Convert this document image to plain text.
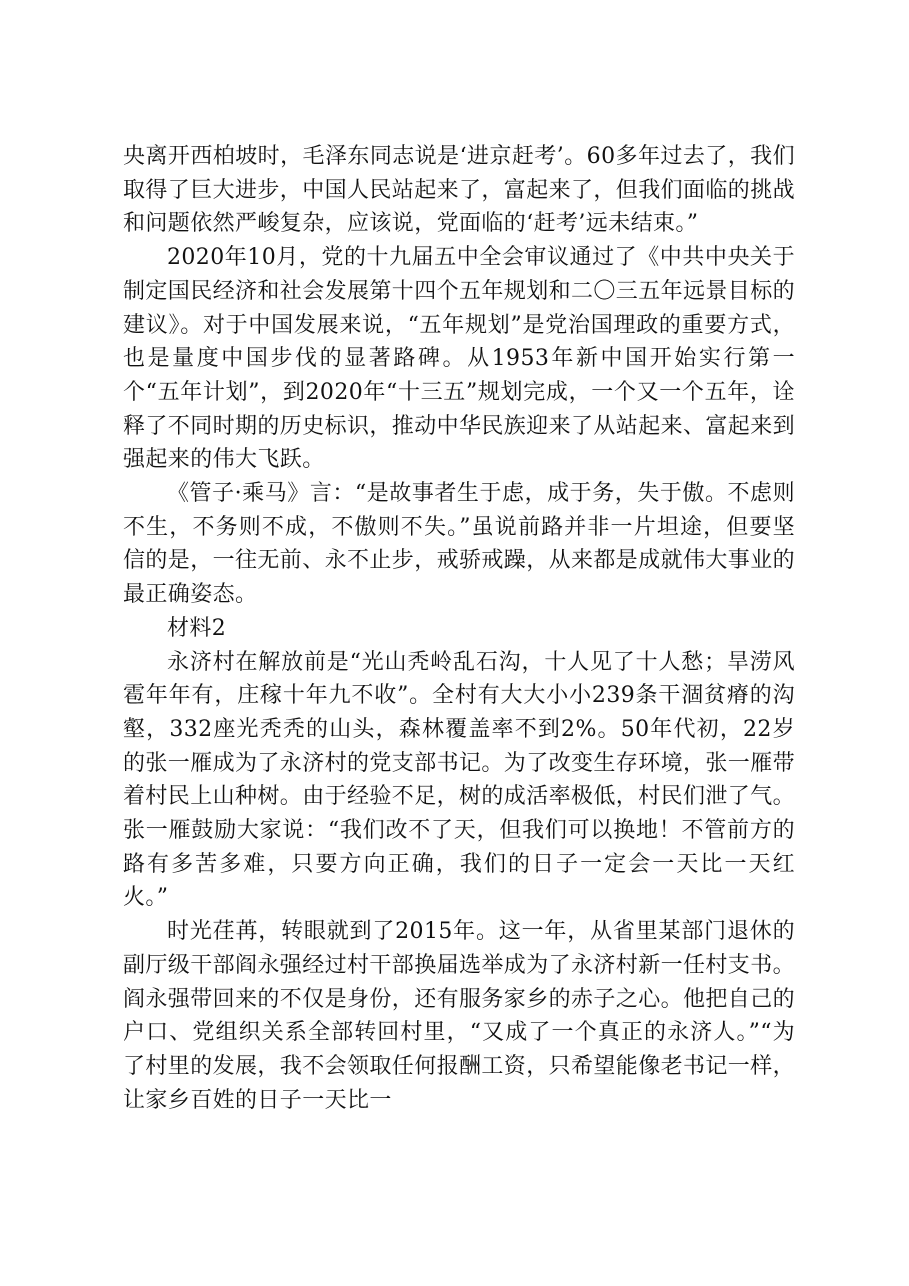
央离开西柏坡时，毛泽东同志说是‘进京赶考’。60多年过去了，我们取得了巨大进步，中国人民站起来了，富起来了，但我们面临的挑战和问题依然严峻复杂，应该说，党面临的‘赶考’远未结束。”

2020年10月，党的十九届五中全会审议通过了《中共中央关于制定国民经济和社会发展第十四个五年规划和二〇三五年远景目标的建议》。对于中国发展来说，“五年规划”是党治国理政的重要方式，也是量度中国步伐的显著路碑。从1953年新中国开始实行第一个“五年计划”，到2020年“十三五”规划完成，一个又一个五年，诠释了不同时期的历史标识，推动中华民族迎来了从站起来、富起来到强起来的伟大飞跃。

《管子·乘马》言：“是故事者生于虑，成于务，失于傲。不虑则不生，不务则不成，不傲则不失。”虽说前路并非一片坦途，但要坚信的是，一往无前、永不止步，戒骄戒躁，从来都是成就伟大事业的最正确姿态。

材料2

永济村在解放前是“光山秃岭乱石沟，十人见了十人愁；旱涝风雹年年有，庄稼十年九不收”。全村有大大小小239条干涸贫瘠的沟壑，332座光秃秃的山头，森林覆盖率不到2%。50年代初，22岁的张一雁成为了永济村的党支部书记。为了改变生存环境，张一雁带着村民上山种树。由于经验不足，树的成活率极低，村民们泄了气。张一雁鼓励大家说：“我们改不了天，但我们可以换地！不管前方的路有多苦多难，只要方向正确，我们的日子一定会一天比一天红火。”

时光荏苒，转眼就到了2015年。这一年，从省里某部门退休的副厅级干部阎永强经过村干部换届选举成为了永济村新一任村支书。阎永强带回来的不仅是身份，还有服务家乡的赤子之心。他把自己的户口、党组织关系全部转回村里，“又成了一个真正的永济人。”“为了村里的发展，我不会领取任何报酬工资，只希望能像老书记一样，让家乡百姓的日子一天比一
